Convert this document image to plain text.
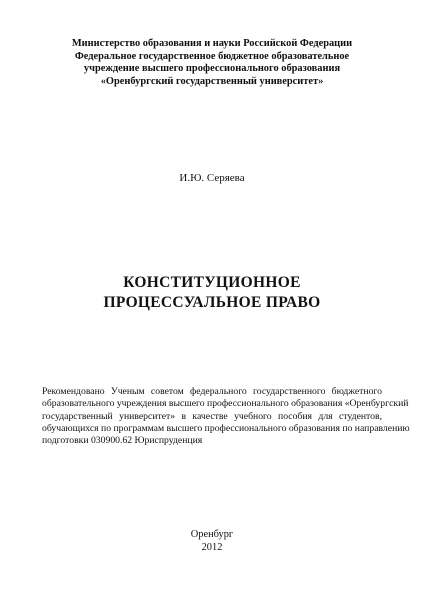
Министерство образования и науки Российской Федерации
Федеральное государственное бюджетное образовательное
учреждение высшего профессионального образования
«Оренбургский государственный университет»
И.Ю. Серяева
КОНСТИТУЦИОННОЕ
ПРОЦЕССУАЛЬНОЕ ПРАВО
Рекомендовано Ученым советом федерального государственного бюджетного
образовательного учреждения высшего профессионального образования «Оренбургский
государственный университет» в качестве учебного пособия для студентов,
обучающихся по программам высшего профессионального образования по направлению
подготовки 030900.62 Юриспруденция
Оренбург
2012
